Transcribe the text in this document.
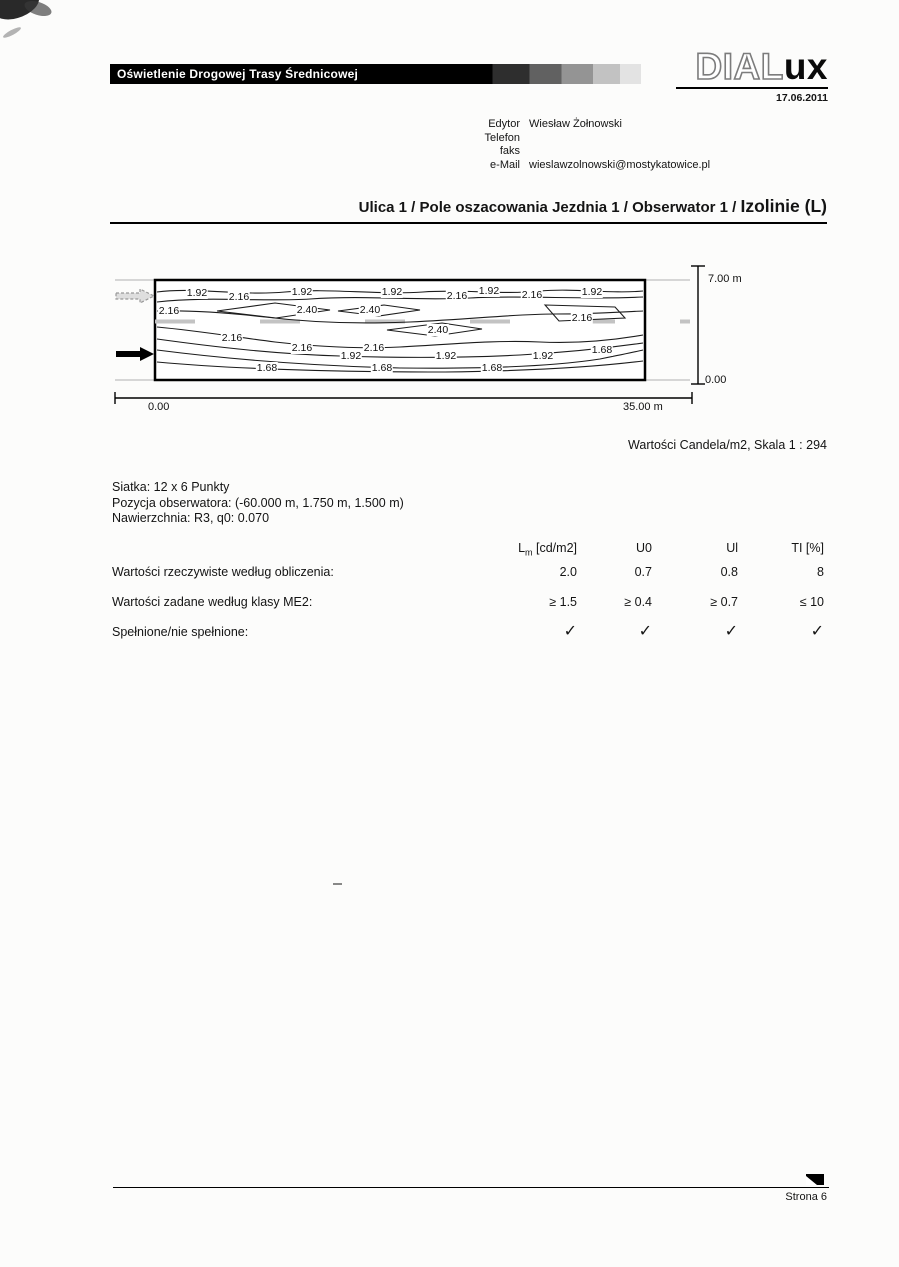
Oświetlenie Drogowej Trasy Średnicowej	DIALux
17.06.2011
Edytor Wiesław Żołnowski
Telefon
faks
e-Mail wieslawzolnowski@mostykatowice.pl
Ulica 1 / Pole oszacowania Jezdnia 1 / Obserwator 1 / Izolinie (L)
1.92 2.16	1.92	1.92	2.16 1.92 2.16	1.92
2.16	2.40	2.40
2.16
2.40
2.16
2.16	2.16
1.92	1.92	1.92	1.68
1.68	1.68	1.68
7.00 m
0.00
0.00	35.00 m
Wartości Candela/m2, Skala 1 : 294
Siatka: 12 x 6 Punkty
Pozycja obserwatora: (-60.000 m, 1.750 m, 1.500 m)
Nawierzchnia: R3, q0: 0.070
$L_m$ [cd/m2]	U0	Ul	TI [%]
Wartości rzeczywiste według obliczenia:	2.0	0.7	0.8	8
Wartości zadane według klasy ME2:	≥ 1.5	≥ 0.4	≥ 0.7	≤ 10
Spełnione/nie spełnione:	✓	✓	✓	✓
Strona 6
